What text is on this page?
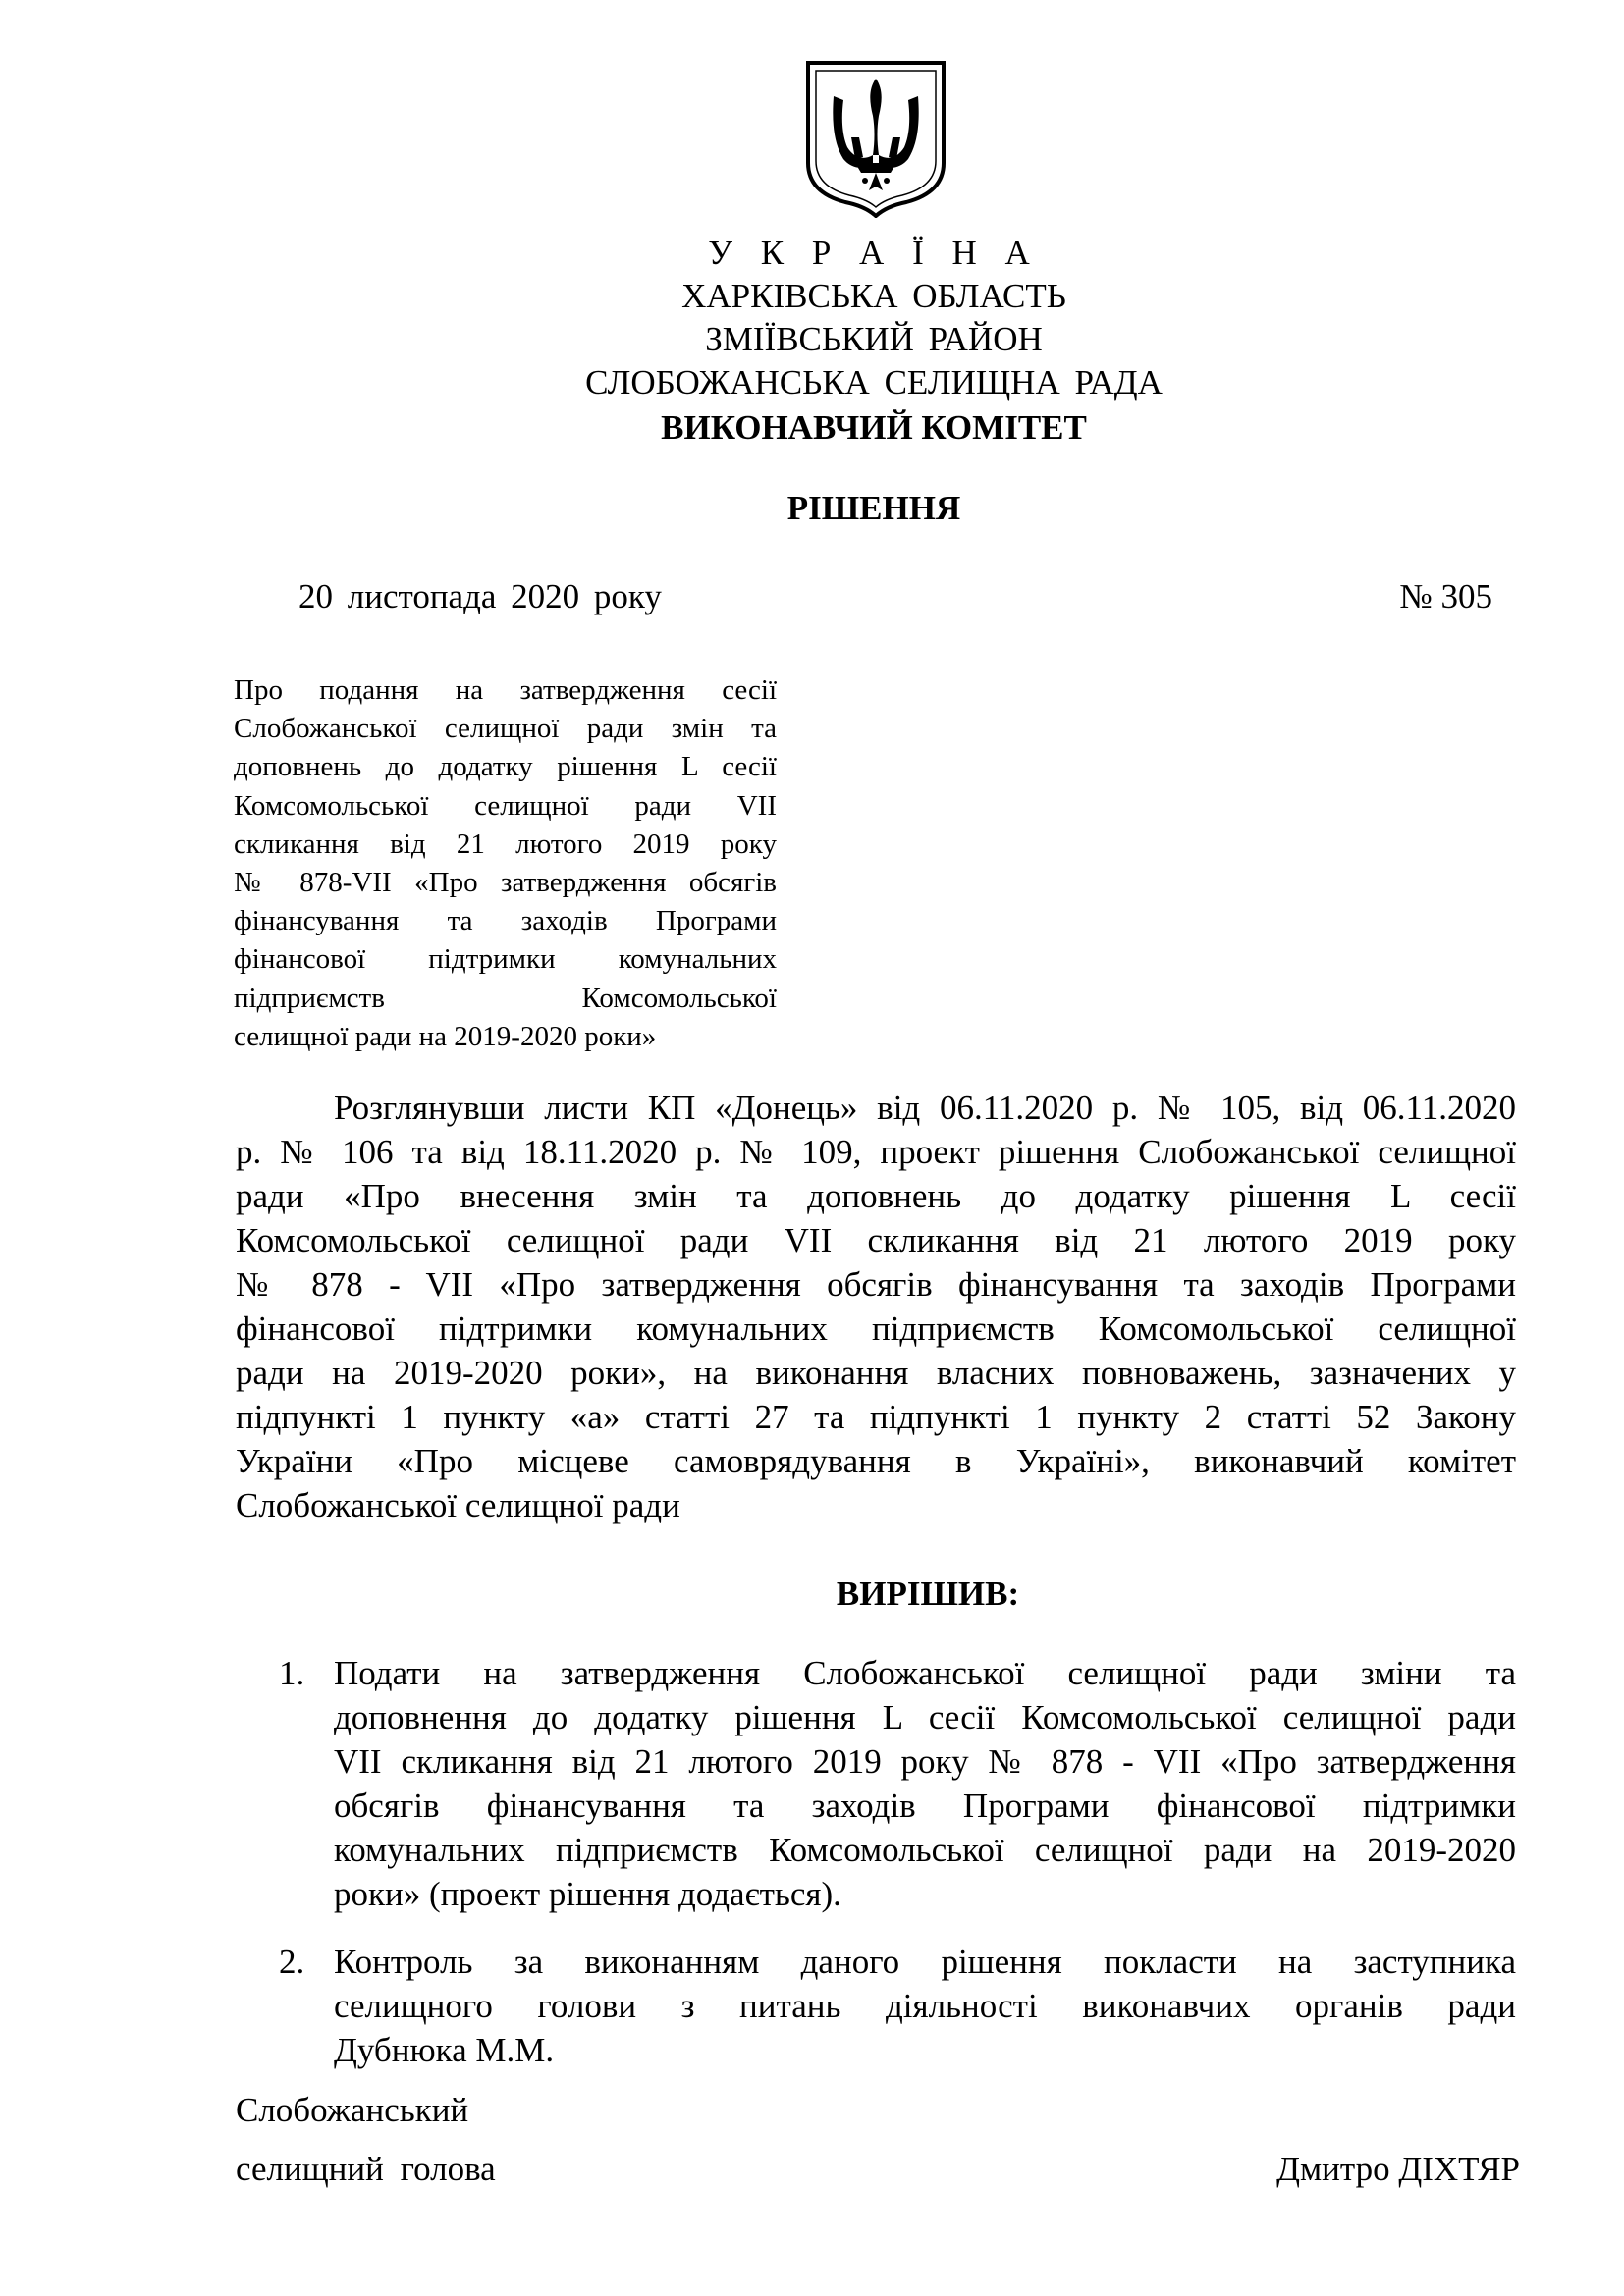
У К Р А Ї Н А
ХАРКІВСЬКА ОБЛАСТЬ
ЗМІЇВСЬКИЙ РАЙОН
СЛОБОЖАНСЬКА СЕЛИЩНА РАДА
ВИКОНАВЧИЙ КОМІТЕТ
РІШЕННЯ
20 листопада 2020 року	№ 305
Про подання на затвердження сесії
Слобожанської селищної ради змін та
доповнень до додатку рішення L сесії
Комсомольської селищної ради VII
скликання від 21 лютого 2019 року
№ 878-VII «Про затвердження обсягів
фінансування та заходів Програми
фінансової підтримки комунальних
підприємств Комсомольської
селищної ради на 2019-2020 роки»
Розглянувши листи КП «Донець» від 06.11.2020 р. № 105, від 06.11.2020
р. № 106 та від 18.11.2020 р. № 109, проект рішення Слобожанської селищної
ради «Про внесення змін та доповнень до додатку рішення L сесії
Комсомольської селищної ради VII скликання від 21 лютого 2019 року
№ 878 - VII «Про затвердження обсягів фінансування та заходів Програми
фінансової підтримки комунальних підприємств Комсомольської селищної
ради на 2019-2020 роки», на виконання власних повноважень, зазначених у
підпункті 1 пункту «а» статті 27 та підпункті 1 пункту 2 статті 52 Закону
України «Про місцеве самоврядування в Україні», виконавчий комітет
Слобожанської селищної ради
ВИРІШИВ:
1. Подати на затвердження Слобожанської селищної ради зміни та
доповнення до додатку рішення L сесії Комсомольської селищної ради
VII скликання від 21 лютого 2019 року № 878 - VII «Про затвердження
обсягів фінансування та заходів Програми фінансової підтримки
комунальних підприємств Комсомольської селищної ради на 2019-2020
роки» (проект рішення додається).
2. Контроль за виконанням даного рішення покласти на заступника
селищного голови з питань діяльності виконавчих органів ради
Дубнюка М.М.
Слобожанський
селищний голова	Дмитро ДІХТЯР
